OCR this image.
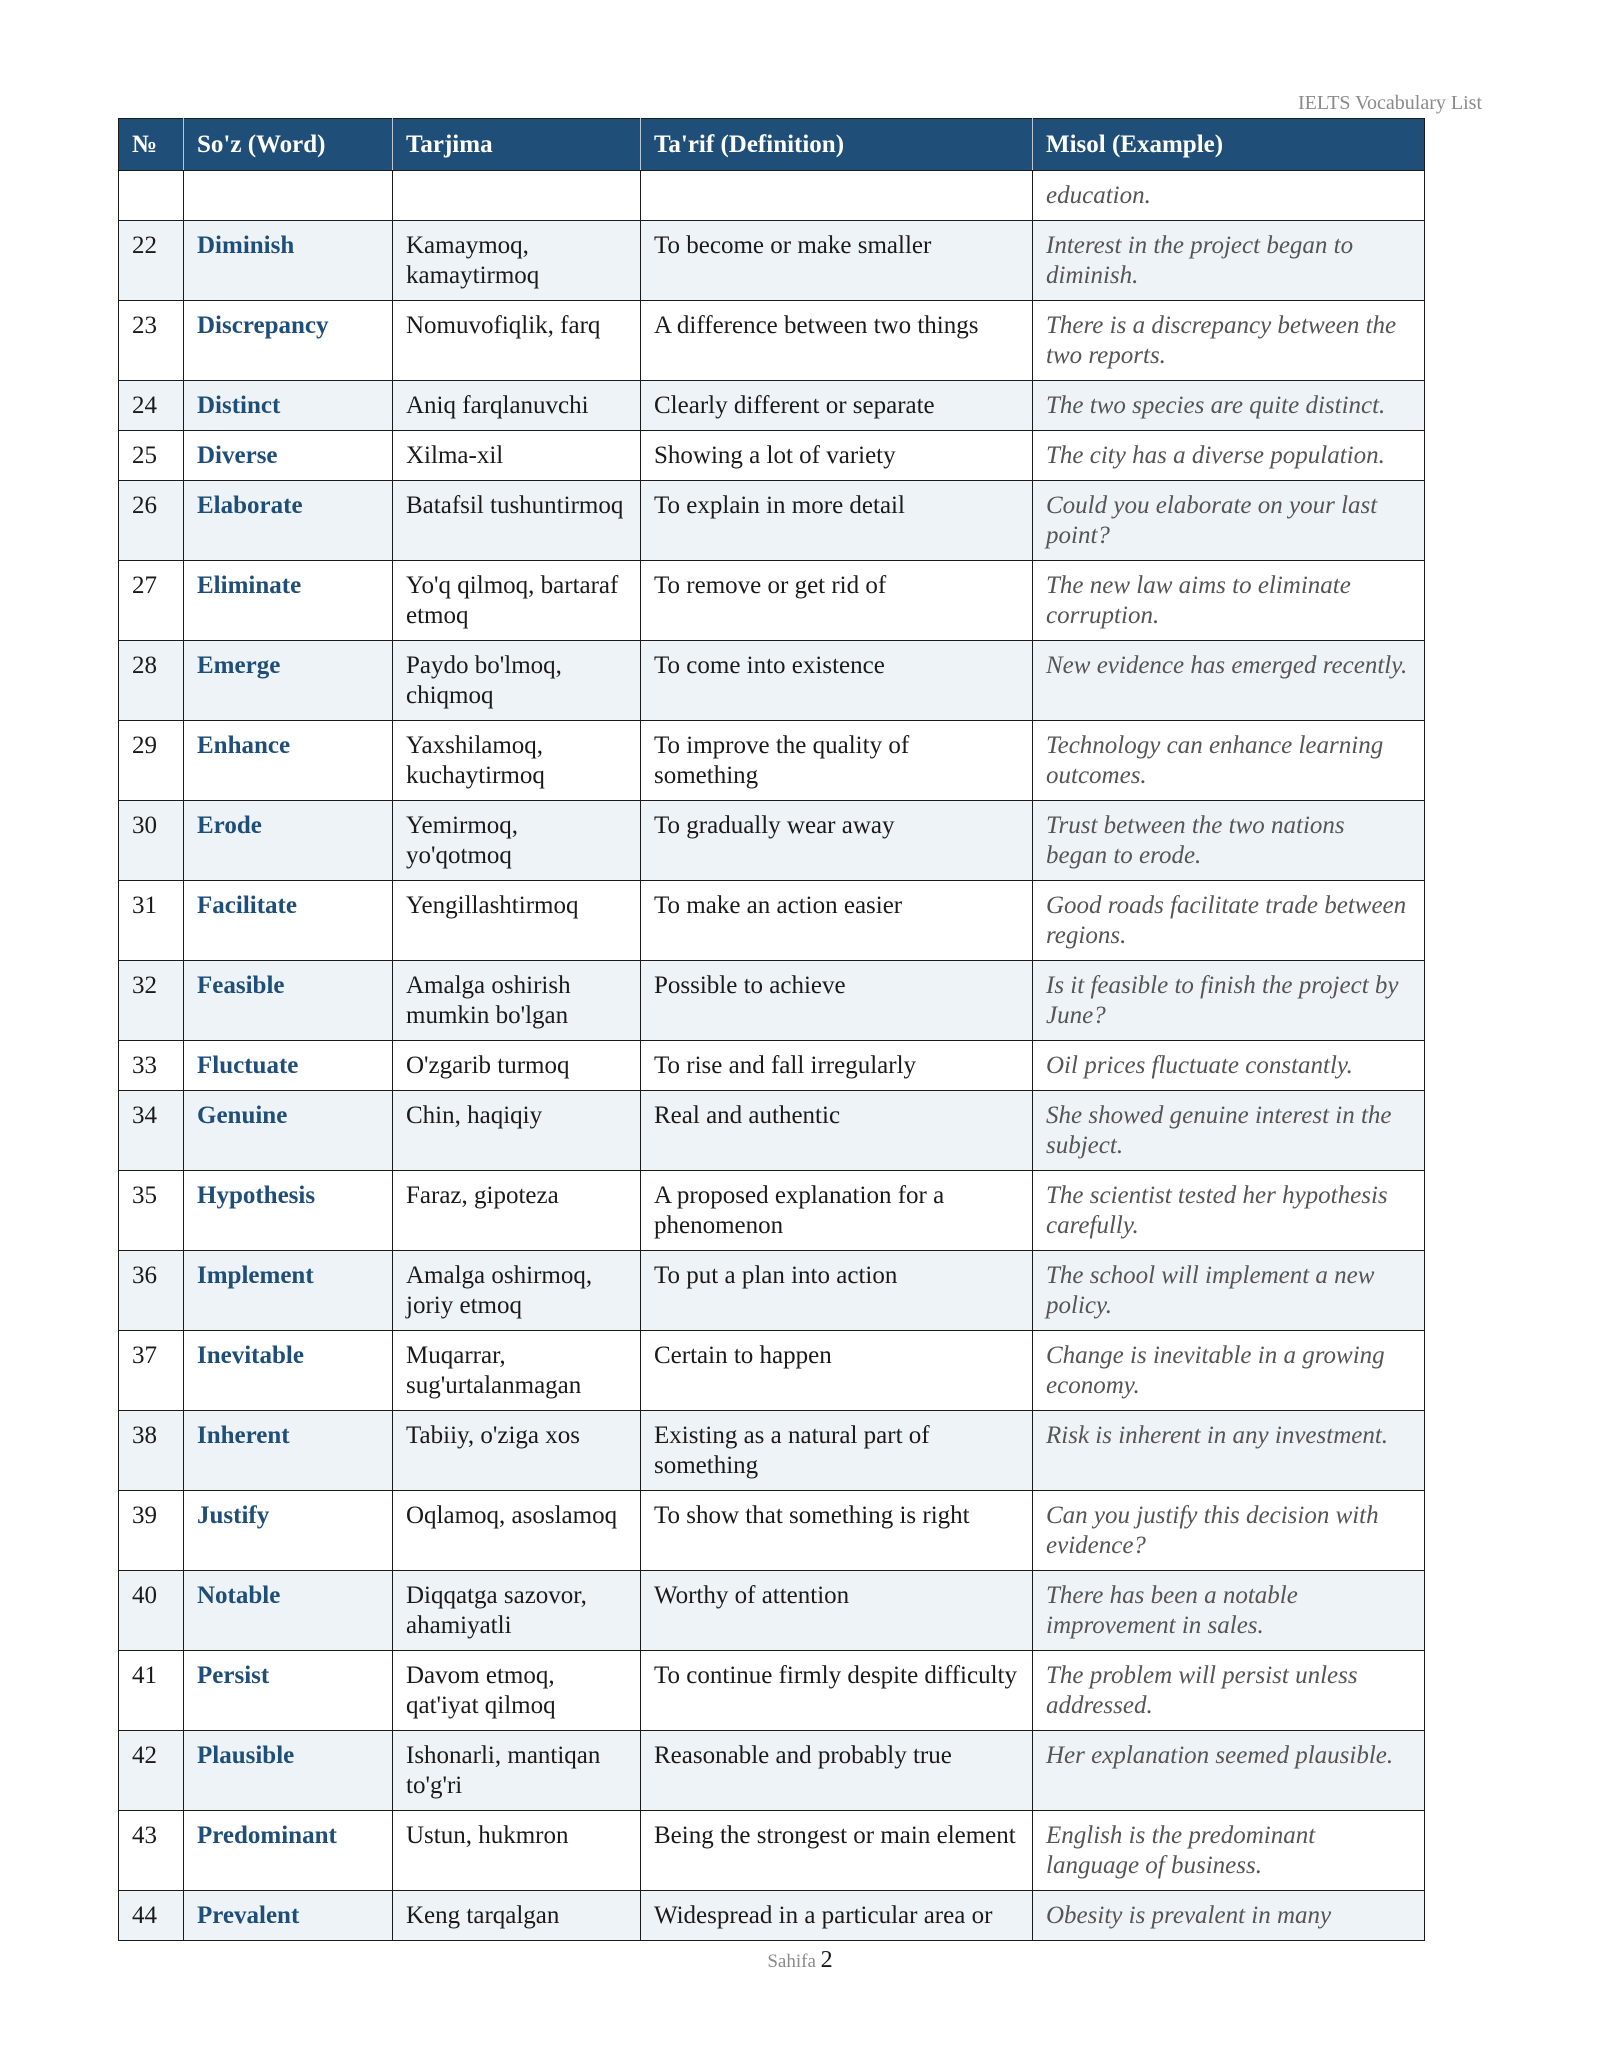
IELTS Vocabulary List
№	So'z (Word)	Tarjima	Ta'rif (Definition)	Misol (Example)
				education.
22	Diminish	Kamaymoq, kamaytirmoq	To become or make smaller	Interest in the project began to diminish.
23	Discrepancy	Nomuvofiqlik, farq	A difference between two things	There is a discrepancy between the two reports.
24	Distinct	Aniq farqlanuvchi	Clearly different or separate	The two species are quite distinct.
25	Diverse	Xilma-xil	Showing a lot of variety	The city has a diverse population.
26	Elaborate	Batafsil tushuntirmoq	To explain in more detail	Could you elaborate on your last point?
27	Eliminate	Yo'q qilmoq, bartaraf etmoq	To remove or get rid of	The new law aims to eliminate corruption.
28	Emerge	Paydo bo'lmoq, chiqmoq	To come into existence	New evidence has emerged recently.
29	Enhance	Yaxshilamoq, kuchaytirmoq	To improve the quality of something	Technology can enhance learning outcomes.
30	Erode	Yemirmoq, yo'qotmoq	To gradually wear away	Trust between the two nations began to erode.
31	Facilitate	Yengillashtirmoq	To make an action easier	Good roads facilitate trade between regions.
32	Feasible	Amalga oshirish mumkin bo'lgan	Possible to achieve	Is it feasible to finish the project by June?
33	Fluctuate	O'zgarib turmoq	To rise and fall irregularly	Oil prices fluctuate constantly.
34	Genuine	Chin, haqiqiy	Real and authentic	She showed genuine interest in the subject.
35	Hypothesis	Faraz, gipoteza	A proposed explanation for a phenomenon	The scientist tested her hypothesis carefully.
36	Implement	Amalga oshirmoq, joriy etmoq	To put a plan into action	The school will implement a new policy.
37	Inevitable	Muqarrar, sug'urtalanmagan	Certain to happen	Change is inevitable in a growing economy.
38	Inherent	Tabiiy, o'ziga xos	Existing as a natural part of something	Risk is inherent in any investment.
39	Justify	Oqlamoq, asoslamoq	To show that something is right	Can you justify this decision with evidence?
40	Notable	Diqqatga sazovor, ahamiyatli	Worthy of attention	There has been a notable improvement in sales.
41	Persist	Davom etmoq, qat'iyat qilmoq	To continue firmly despite difficulty	The problem will persist unless addressed.
42	Plausible	Ishonarli, mantiqan to'g'ri	Reasonable and probably true	Her explanation seemed plausible.
43	Predominant	Ustun, hukmron	Being the strongest or main element	English is the predominant language of business.
44	Prevalent	Keng tarqalgan	Widespread in a particular area or	Obesity is prevalent in many
Sahifa 2
